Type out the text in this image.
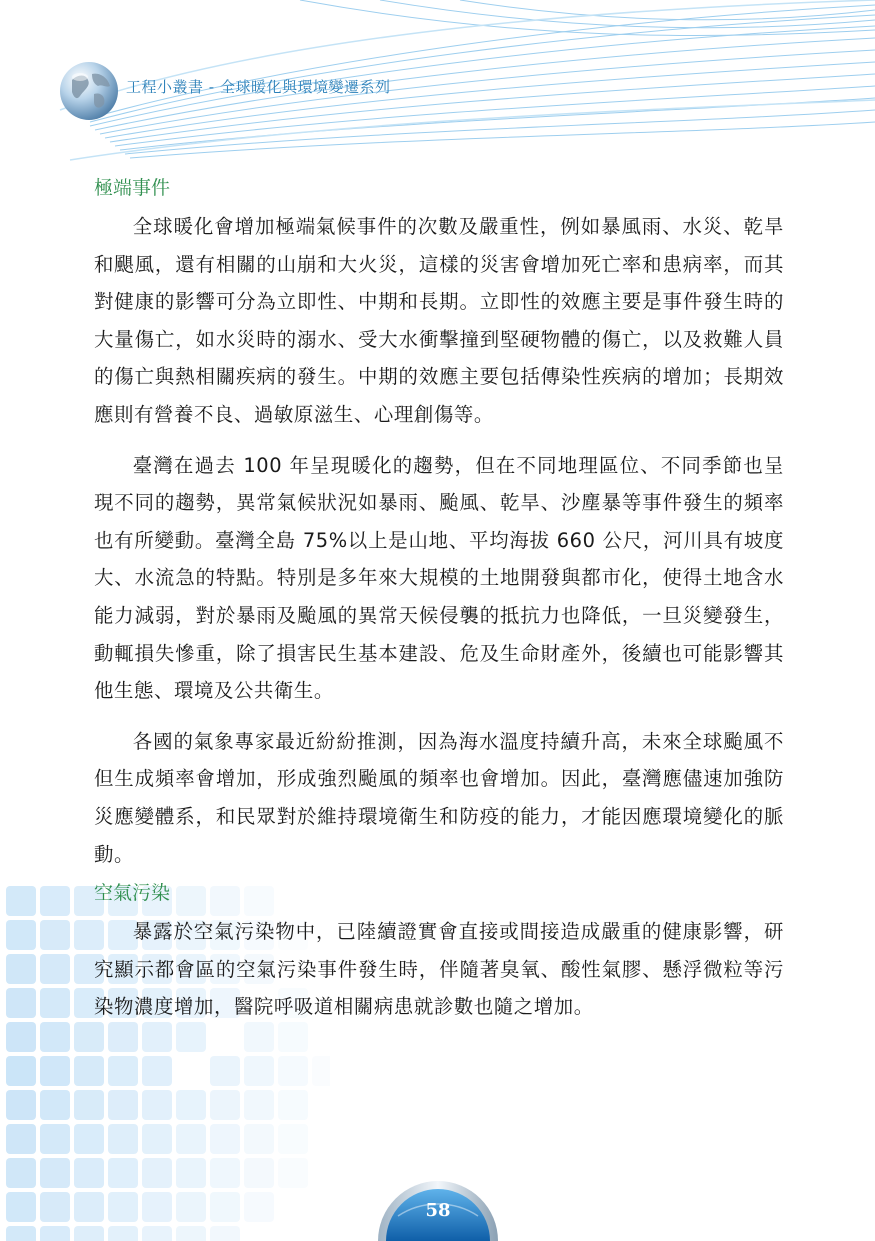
工程小叢書 - 全球暖化與環境變遷系列
極端事件

全球暖化會增加極端氣候事件的次數及嚴重性，例如暴風雨、水災、乾旱和颶風，還有相關的山崩和大火災，這樣的災害會增加死亡率和患病率，而其對健康的影響可分為立即性、中期和長期。立即性的效應主要是事件發生時的大量傷亡，如水災時的溺水、受大水衝擊撞到堅硬物體的傷亡，以及救難人員的傷亡與熱相關疾病的發生。中期的效應主要包括傳染性疾病的增加；長期效應則有營養不良、過敏原滋生、心理創傷等。

臺灣在過去 100 年呈現暖化的趨勢，但在不同地理區位、不同季節也呈現不同的趨勢，異常氣候狀況如暴雨、颱風、乾旱、沙塵暴等事件發生的頻率也有所變動。臺灣全島 75%以上是山地、平均海拔 660 公尺，河川具有坡度大、水流急的特點。特別是多年來大規模的土地開發與都市化，使得土地含水能力減弱，對於暴雨及颱風的異常天候侵襲的抵抗力也降低，一旦災變發生，動輒損失慘重，除了損害民生基本建設、危及生命財產外，後續也可能影響其他生態、環境及公共衛生。

各國的氣象專家最近紛紛推測，因為海水溫度持續升高，未來全球颱風不但生成頻率會增加，形成強烈颱風的頻率也會增加。因此，臺灣應儘速加強防災應變體系，和民眾對於維持環境衛生和防疫的能力，才能因應環境變化的脈動。

空氣污染

暴露於空氣污染物中，已陸續證實會直接或間接造成嚴重的健康影響，研究顯示都會區的空氣污染事件發生時，伴隨著臭氧、酸性氣膠、懸浮微粒等污染物濃度增加，醫院呼吸道相關病患就診數也隨之增加。

58
